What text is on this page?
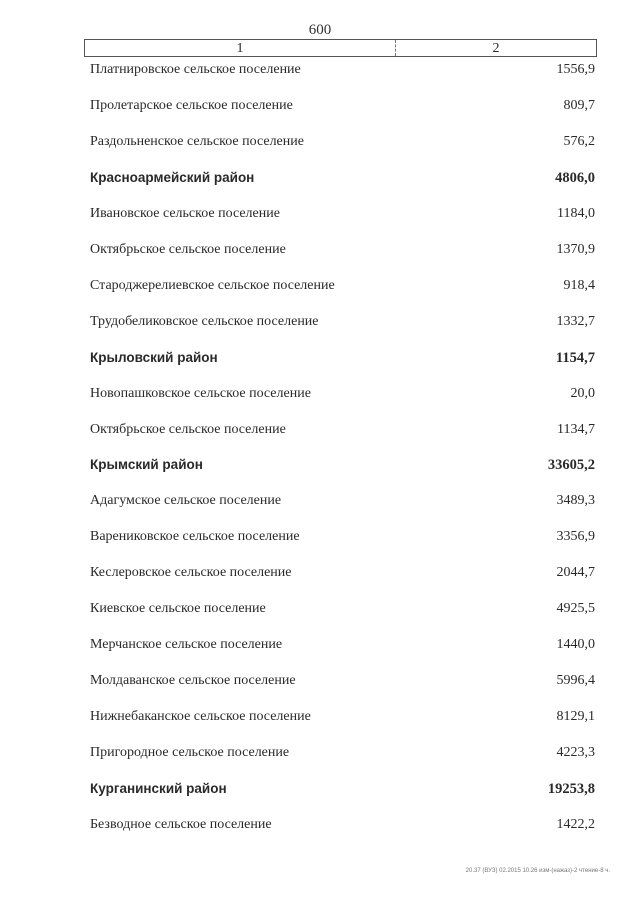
600
1	2
Платнировское сельское поселение	1556,9
Пролетарское сельское поселение	809,7
Раздольненское сельское поселение	576,2
Красноармейский район	4806,0
Ивановское сельское поселение	1184,0
Октябрьское сельское поселение	1370,9
Староджерелиевское сельское поселение	918,4
Трудобеликовское сельское поселение	1332,7
Крыловский район	1154,7
Новопашковское сельское поселение	20,0
Октябрьское сельское поселение	1134,7
Крымский район	33605,2
Адагумское сельское поселение	3489,3
Варениковское сельское поселение	3356,9
Кеслеровское сельское поселение	2044,7
Киевское сельское поселение	4925,5
Мерчанское сельское поселение	1440,0
Молдаванское сельское поселение	5996,4
Нижнебаканское сельское поселение	8129,1
Пригородное сельское поселение	4223,3
Курганинский район	19253,8
Безводное сельское поселение	1422,2
20.37 (ВУЗ) 02.2015 10.26 изм-(нажаз)-2 чтение-8 ч.
